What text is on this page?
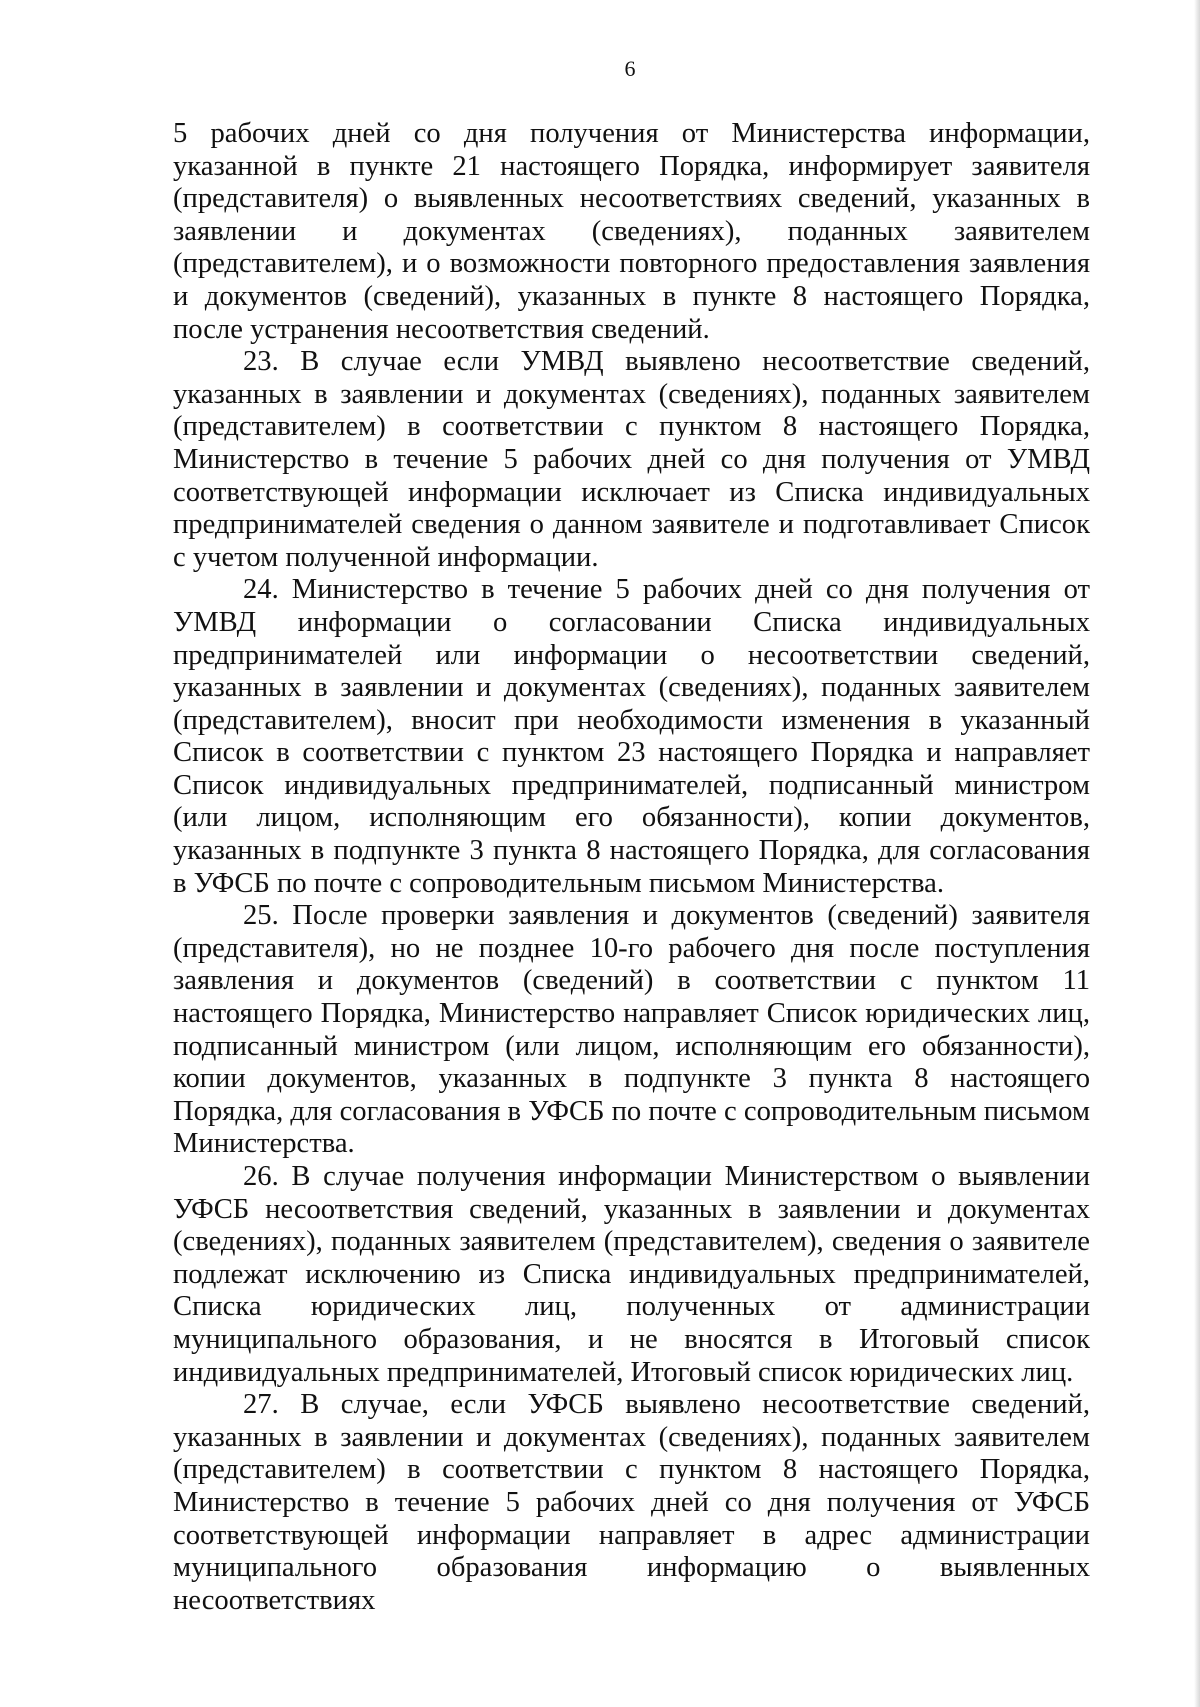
6

5 рабочих дней со дня получения от Министерства информации, указанной в пункте 21 настоящего Порядка, информирует заявителя (представителя) о выявленных несоответствиях сведений, указанных в заявлении и документах (сведениях), поданных заявителем (представителем), и о возможности повторного предоставления заявления и документов (сведений), указанных в пункте 8 настоящего Порядка, после устранения несоответствия сведений.

23. В случае если УМВД выявлено несоответствие сведений, указанных в заявлении и документах (сведениях), поданных заявителем (представителем) в соответствии с пунктом 8 настоящего Порядка, Министерство в течение 5 рабочих дней со дня получения от УМВД соответствующей информации исключает из Списка индивидуальных предпринимателей сведения о данном заявителе и подготавливает Список с учетом полученной информации.

24. Министерство в течение 5 рабочих дней со дня получения от УМВД информации о согласовании Списка индивидуальных предпринимателей или информации о несоответствии сведений, указанных в заявлении и документах (сведениях), поданных заявителем (представителем), вносит при необходимости изменения в указанный Список в соответствии с пунктом 23 настоящего Порядка и направляет Список индивидуальных предпринимателей, подписанный министром (или лицом, исполняющим его обязанности), копии документов, указанных в подпункте 3 пункта 8 настоящего Порядка, для согласования в УФСБ по почте с сопроводительным письмом Министерства.

25. После проверки заявления и документов (сведений) заявителя (представителя), но не позднее 10-го рабочего дня после поступления заявления и документов (сведений) в соответствии с пунктом 11 настоящего Порядка, Министерство направляет Список юридических лиц, подписанный министром (или лицом, исполняющим его обязанности), копии документов, указанных в подпункте 3 пункта 8 настоящего Порядка, для согласования в УФСБ по почте с сопроводительным письмом Министерства.

26. В случае получения информации Министерством о выявлении УФСБ несоответствия сведений, указанных в заявлении и документах (сведениях), поданных заявителем (представителем), сведения о заявителе подлежат исключению из Списка индивидуальных предпринимателей, Списка юридических лиц, полученных от администрации муниципального образования, и не вносятся в Итоговый список индивидуальных предпринимателей, Итоговый список юридических лиц.

27. В случае, если УФСБ выявлено несоответствие сведений, указанных в заявлении и документах (сведениях), поданных заявителем (представителем) в соответствии с пунктом 8 настоящего Порядка, Министерство в течение 5 рабочих дней со дня получения от УФСБ соответствующей информации направляет в адрес администрации муниципального образования информацию о выявленных несоответствиях
